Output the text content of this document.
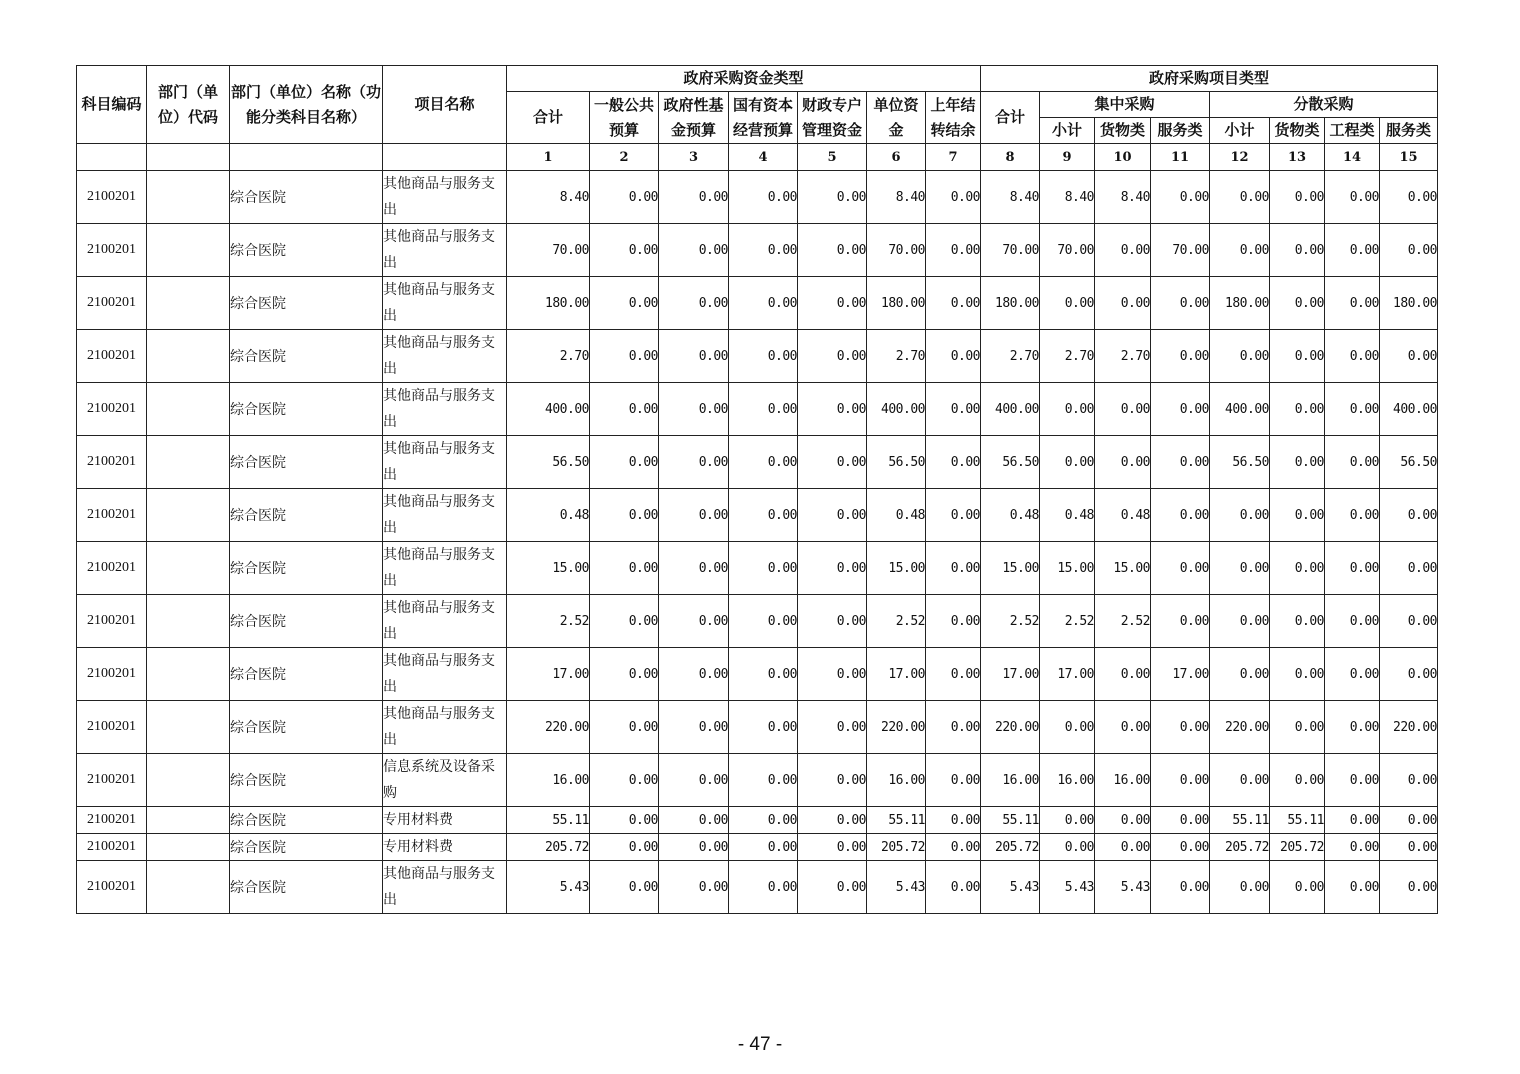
科目编码	部门（单位）代码	部门（单位）名称（功能分类科目名称）	项目名称	政府采购资金类型							政府采购项目类型							
				合计	一般公共预算	政府性基金预算	国有资本经营预算	财政专户管理资金	单位资金	上年结转结余	合计	集中采购			分散采购			
												小计	货物类	服务类	小计	货物类	工程类	服务类
				1	2	3	4	5	6	7	8	9	10	11	12	13	14	15
2100201		综合医院	其他商品与服务支出	8.40	0.00	0.00	0.00	0.00	8.40	0.00	8.40	8.40	8.40	0.00	0.00	0.00	0.00	0.00
2100201		综合医院	其他商品与服务支出	70.00	0.00	0.00	0.00	0.00	70.00	0.00	70.00	70.00	0.00	70.00	0.00	0.00	0.00	0.00
2100201		综合医院	其他商品与服务支出	180.00	0.00	0.00	0.00	0.00	180.00	0.00	180.00	0.00	0.00	0.00	180.00	0.00	0.00	180.00
2100201		综合医院	其他商品与服务支出	2.70	0.00	0.00	0.00	0.00	2.70	0.00	2.70	2.70	2.70	0.00	0.00	0.00	0.00	0.00
2100201		综合医院	其他商品与服务支出	400.00	0.00	0.00	0.00	0.00	400.00	0.00	400.00	0.00	0.00	0.00	400.00	0.00	0.00	400.00
2100201		综合医院	其他商品与服务支出	56.50	0.00	0.00	0.00	0.00	56.50	0.00	56.50	0.00	0.00	0.00	56.50	0.00	0.00	56.50
2100201		综合医院	其他商品与服务支出	0.48	0.00	0.00	0.00	0.00	0.48	0.00	0.48	0.48	0.48	0.00	0.00	0.00	0.00	0.00
2100201		综合医院	其他商品与服务支出	15.00	0.00	0.00	0.00	0.00	15.00	0.00	15.00	15.00	15.00	0.00	0.00	0.00	0.00	0.00
2100201		综合医院	其他商品与服务支出	2.52	0.00	0.00	0.00	0.00	2.52	0.00	2.52	2.52	2.52	0.00	0.00	0.00	0.00	0.00
2100201		综合医院	其他商品与服务支出	17.00	0.00	0.00	0.00	0.00	17.00	0.00	17.00	17.00	0.00	17.00	0.00	0.00	0.00	0.00
2100201		综合医院	其他商品与服务支出	220.00	0.00	0.00	0.00	0.00	220.00	0.00	220.00	0.00	0.00	0.00	220.00	0.00	0.00	220.00
2100201		综合医院	信息系统及设备采购	16.00	0.00	0.00	0.00	0.00	16.00	0.00	16.00	16.00	16.00	0.00	0.00	0.00	0.00	0.00
2100201		综合医院	专用材料费	55.11	0.00	0.00	0.00	0.00	55.11	0.00	55.11	0.00	0.00	0.00	55.11	55.11	0.00	0.00
2100201		综合医院	专用材料费	205.72	0.00	0.00	0.00	0.00	205.72	0.00	205.72	0.00	0.00	0.00	205.72	205.72	0.00	0.00
2100201		综合医院	其他商品与服务支出	5.43	0.00	0.00	0.00	0.00	5.43	0.00	5.43	5.43	5.43	0.00	0.00	0.00	0.00	0.00
- 47 -
